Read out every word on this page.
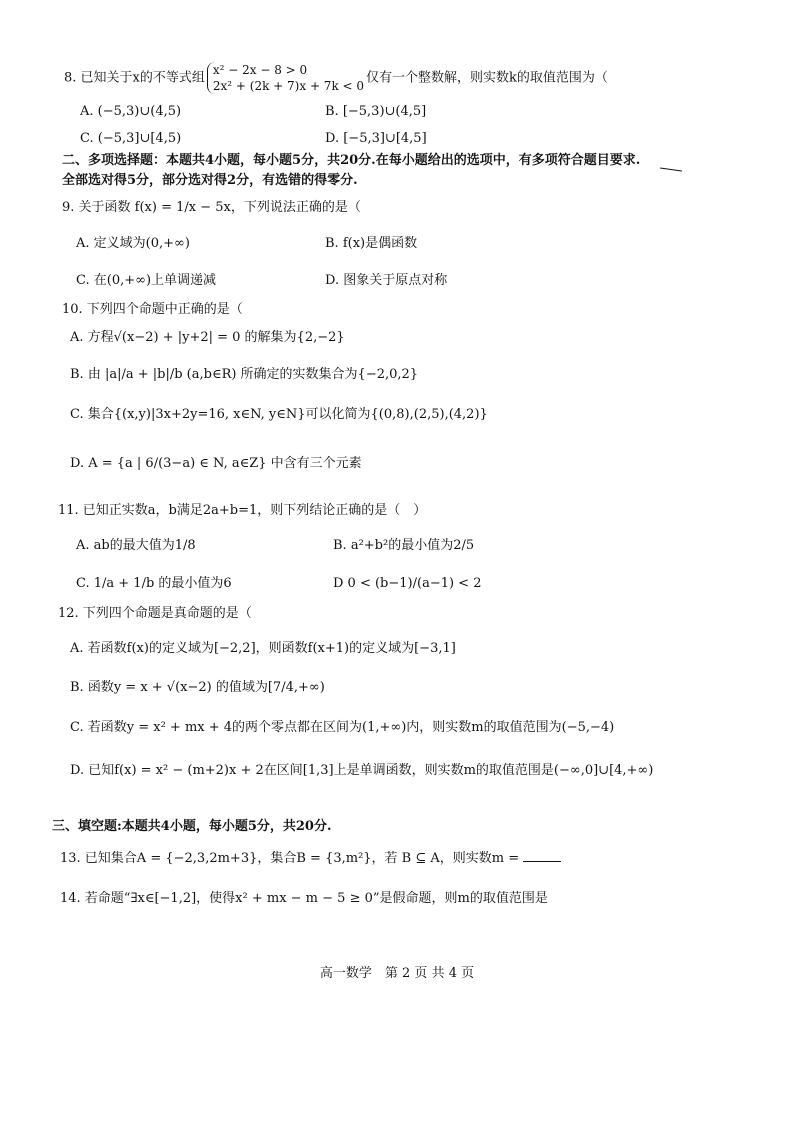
8. 已知关于x的不等式组
x² − 2x − 8 > 0
2x² + (2k + 7)x + 7k < 0
仅有一个整数解，则实数k的取值范围为（
A. (−5,3)∪(4,5)	B. [−5,3)∪(4,5]
C. (−5,3]∪[4,5)	D. [−5,3]∪[4,5]
二、多项选择题：本题共4小题，每小题5分，共20分.在每小题给出的选项中，有多项符合题目要求.
全部选对得5分，部分选对得2分，有选错的得零分.
9. 关于函数 f(x) = 1/x − 5x，下列说法正确的是（
A. 定义域为(0,+∞)	B. f(x)是偶函数
C. 在(0,+∞)上单调递减	D. 图象关于原点对称
10. 下列四个命题中正确的是（
A. 方程√(x−2) + |y+2| = 0 的解集为{2,−2}
B. 由 |a|/a + |b|/b (a,b∈R) 所确定的实数集合为{−2,0,2}
C. 集合{(x,y)|3x+2y=16, x∈N, y∈N}可以化简为{(0,8),(2,5),(4,2)}
D. A = {a | 6/(3−a) ∈ N, a∈Z} 中含有三个元素
11. 已知正实数a，b满足2a+b=1，则下列结论正确的是（　）
A. ab的最大值为1/8	B. a²+b²的最小值为2/5
C. 1/a + 1/b 的最小值为6	D 0 < (b−1)/(a−1) < 2
12. 下列四个命题是真命题的是（
A. 若函数f(x)的定义域为[−2,2]，则函数f(x+1)的定义域为[−3,1]
B. 函数y = x + √(x−2) 的值域为[7/4,+∞)
C. 若函数y = x² + mx + 4的两个零点都在区间为(1,+∞)内，则实数m的取值范围为(−5,−4)
D. 已知f(x) = x² − (m+2)x + 2在区间[1,3]上是单调函数，则实数m的取值范围是(−∞,0]∪[4,+∞)
三、填空题:本题共4小题，每小题5分，共20分.
13. 已知集合A = {−2,3,2m+3}，集合B = {3,m²}，若 B ⊆ A，则实数m =
14. 若命题“∃x∈[−1,2]，使得x² + mx − m − 5 ≥ 0”是假命题，则m的取值范围是
高一数学　第 2 页 共 4 页
